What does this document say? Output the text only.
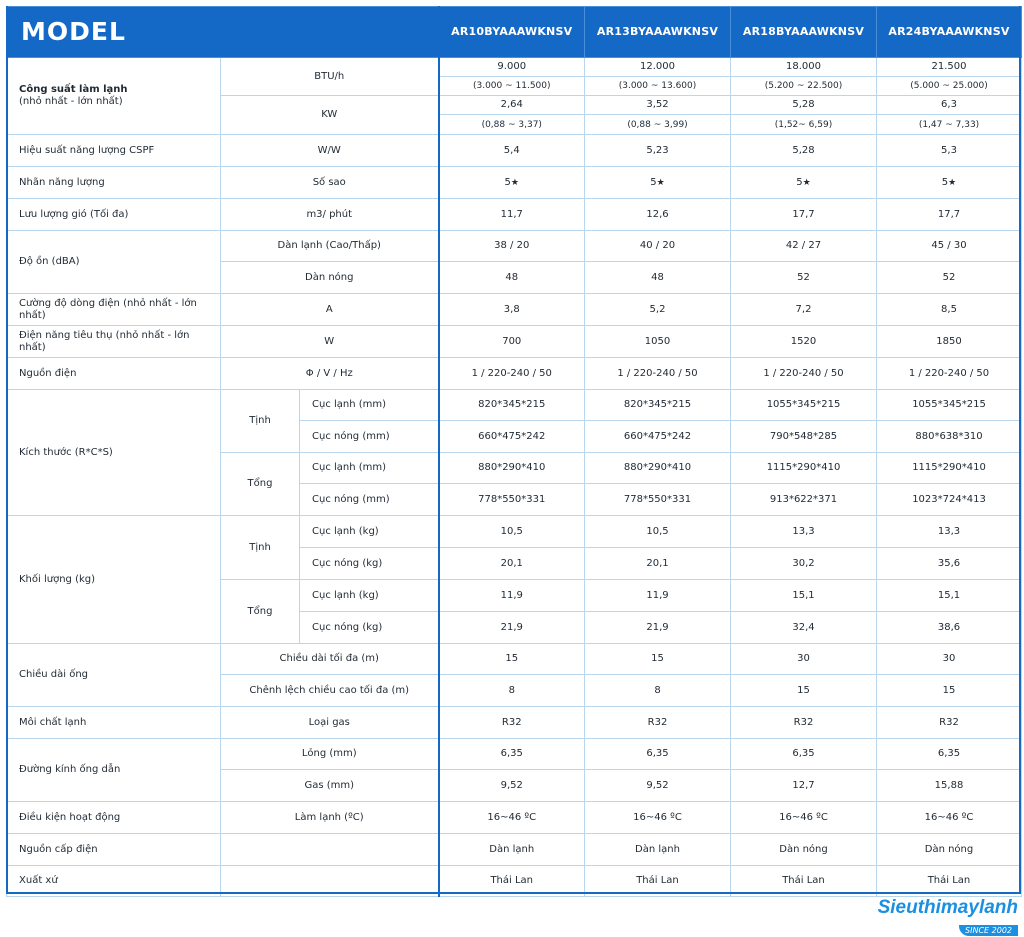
MODEL			AR10BYAAAWKNSV	AR13BYAAAWKNSV	AR18BYAAAWKNSV	AR24BYAAAWKNSV
Công suất làm lạnh
(nhỏ nhất - lớn nhất)	BTU/h		9.000	12.000	18.000	21.500
			(3.000 ~ 11.500)	(3.000 ~ 13.600)	(5.200 ~ 22.500)	(5.000 ~ 25.000)
	KW		2,64	3,52	5,28	6,3
			(0,88 ~ 3,37)	(0,88 ~ 3,99)	(1,52~ 6,59)	(1,47 ~ 7,33)
Hiệu suất năng lượng CSPF	W/W		5,4	5,23	5,28	5,3
Nhãn năng lượng	Số sao		5★	5★	5★	5★
Lưu lượng gió (Tối đa)	m3/ phút		11,7	12,6	17,7	17,7
Độ ồn (dBA)	Dàn lạnh (Cao/Thấp)		38 / 20	40 / 20	42 / 27	45 / 30
	Dàn nóng		48	48	52	52
Cường độ dòng điện (nhỏ nhất - lớn nhất)	A		3,8	5,2	7,2	8,5
Điện năng tiêu thụ (nhỏ nhất - lớn nhất)	W		700	1050	1520	1850
Nguồn điện	Φ / V / Hz		1 / 220-240 / 50	1 / 220-240 / 50	1 / 220-240 / 50	1 / 220-240 / 50
Kích thước (R*C*S)	Tịnh	Cục lạnh (mm)	820*345*215	820*345*215	1055*345*215	1055*345*215
		Cục nóng (mm)	660*475*242	660*475*242	790*548*285	880*638*310
	Tổng	Cục lạnh (mm)	880*290*410	880*290*410	1115*290*410	1115*290*410
		Cục nóng (mm)	778*550*331	778*550*331	913*622*371	1023*724*413
Khối lượng (kg)	Tịnh	Cục lạnh (kg)	10,5	10,5	13,3	13,3
		Cục nóng (kg)	20,1	20,1	30,2	35,6
	Tổng	Cục lạnh (kg)	11,9	11,9	15,1	15,1
		Cục nóng (kg)	21,9	21,9	32,4	38,6
Chiều dài ống	Chiều dài tối đa (m)		15	15	30	30
	Chênh lệch chiều cao tối đa (m)		8	8	15	15
Môi chất lạnh	Loại gas		R32	R32	R32	R32
Đường kính ống dẫn	Lỏng (mm)		6,35	6,35	6,35	6,35
	Gas (mm)		9,52	9,52	12,7	15,88
Điều kiện hoạt động	Làm lạnh (ºC)		16~46 ºC	16~46 ºC	16~46 ºC	16~46 ºC
Nguồn cấp điện			Dàn lạnh	Dàn lạnh	Dàn nóng	Dàn nóng
Xuất xứ			Thái Lan	Thái Lan	Thái Lan	Thái Lan
Sieuthimaylanh
SINCE 2002
